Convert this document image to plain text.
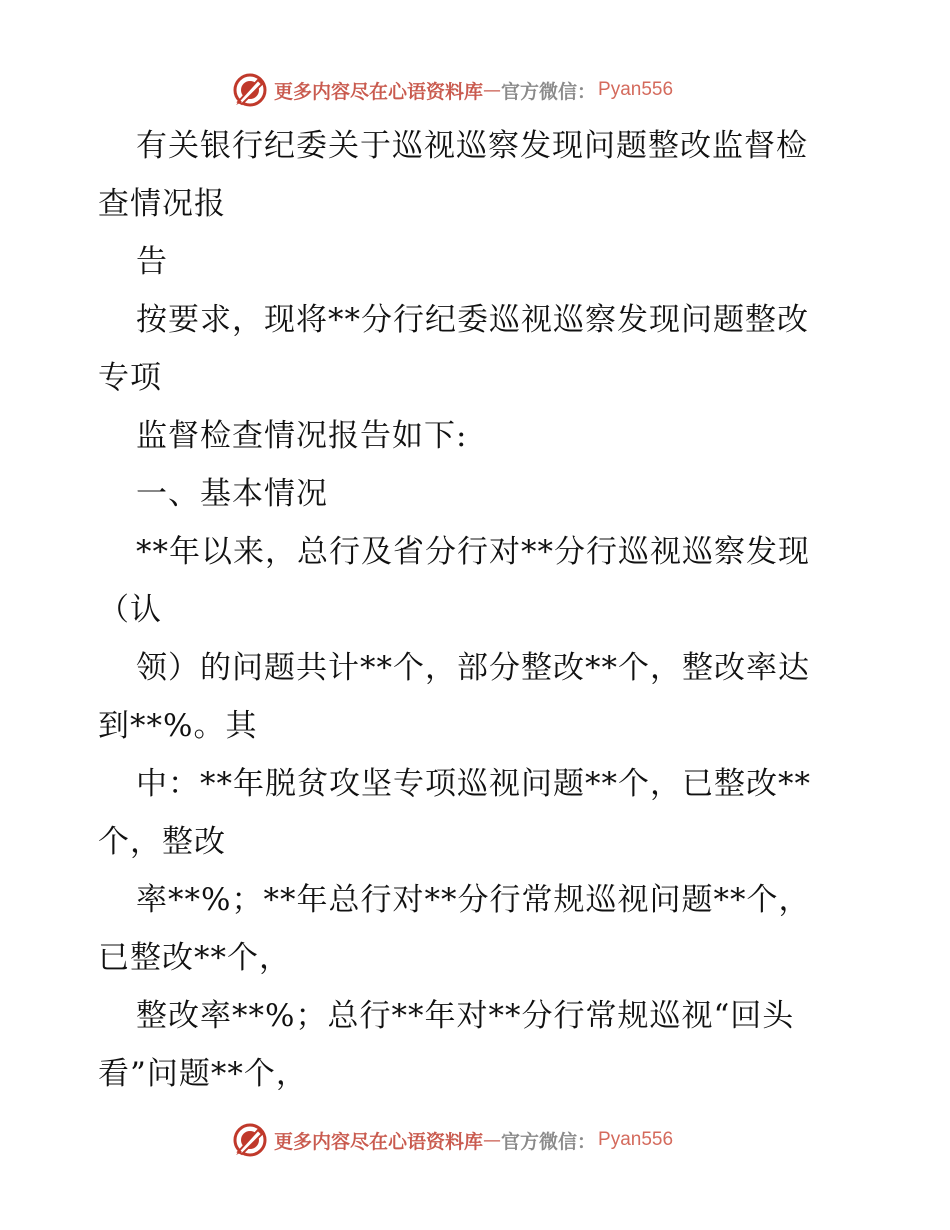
更多内容尽在心语资料库 — 官方微信： Pyan556
有关银行纪委关于巡视巡察发现问题整改监督检
查情况报
告
按要求，现将**分行纪委巡视巡察发现问题整改
专项
监督检查情况报告如下:
一、基本情况
**年以来，总行及省分行对**分行巡视巡察发现
（认
领）的问题共计**个，部分整改**个，整改率达
到**%。其
中：**年脱贫攻坚专项巡视问题**个，已整改**
个，整改
率**%；**年总行对**分行常规巡视问题**个，
已整改**个，
整改率**%；总行**年对**分行常规巡视“回头
看”问题**个，
更多内容尽在心语资料库 — 官方微信： Pyan556
